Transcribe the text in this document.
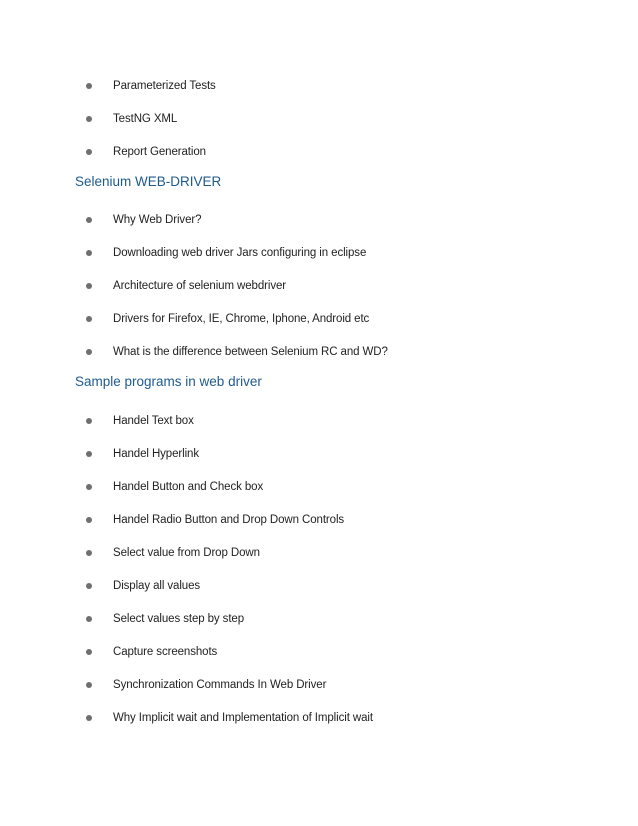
Parameterized Tests
TestNG XML
Report Generation
Selenium WEB-DRIVER
Why Web Driver?
Downloading web driver Jars configuring in eclipse
Architecture of selenium webdriver
Drivers for Firefox, IE, Chrome, Iphone, Android etc
What is the difference between Selenium RC and WD?
Sample programs in web driver
Handel Text box
Handel Hyperlink
Handel Button and Check box
Handel Radio Button and Drop Down Controls
Select value from Drop Down
Display all values
Select values step by step
Capture screenshots
Synchronization Commands In Web Driver
Why Implicit wait and Implementation of Implicit wait
